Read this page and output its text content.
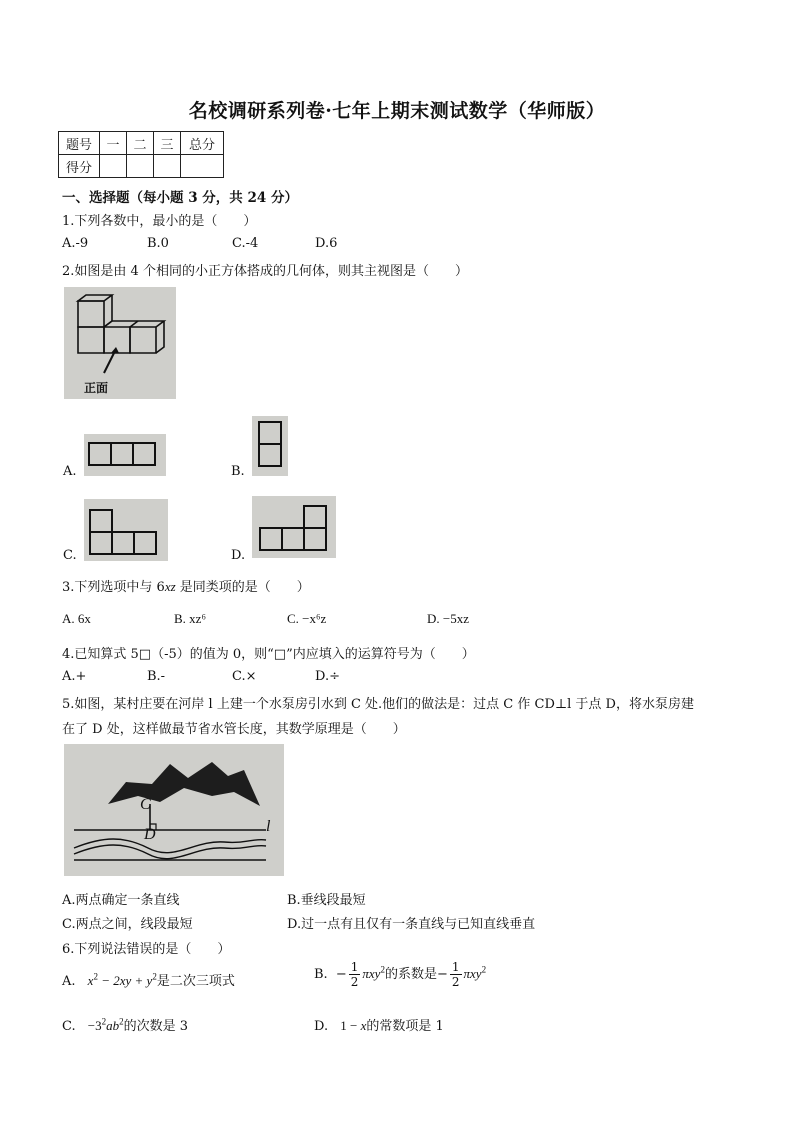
名校调研系列卷·七年上期末测试数学（华师版）
题号	一	二	三	总分
得分				
一、选择题（每小题 3 分，共 24 分）
1.下列各数中，最小的是（　　）
A.-9	B.0	C.-4	D.6
2.如图是由 4 个相同的小正方体搭成的几何体，则其主视图是（　　）
正面
A.	B.
C.	D.
3.下列选项中与 6xz 是同类项的是（　　）
A. 6x	B. xz⁶	C. −x⁶z	D. −5xz
4.已知算式 5□（-5）的值为 0，则“□”内应填入的运算符号为（　　）
A.+	B.-	C.×	D.÷
5.如图，某村庄要在河岸 l 上建一个水泵房引水到 C 处.他们的做法是：过点 C 作 CD⊥l 于点 D，将水泵房建
在了 D 处，这样做最节省水管长度，其数学原理是（　　）
C
D	l
A.两点确定一条直线	B.垂线段最短
C.两点之间，线段最短	D.过一点有且仅有一条直线与已知直线垂直
6.下列说法错误的是（　　）
A. $x^2 - 2xy + y^2$是二次三项式	B. − $\frac{1}{2} \pi xy^2$的系数是− $\frac{1}{2} \pi xy^2$
C. $-3^2ab^2$的次数是 3	D. 1 − x的常数项是 1
